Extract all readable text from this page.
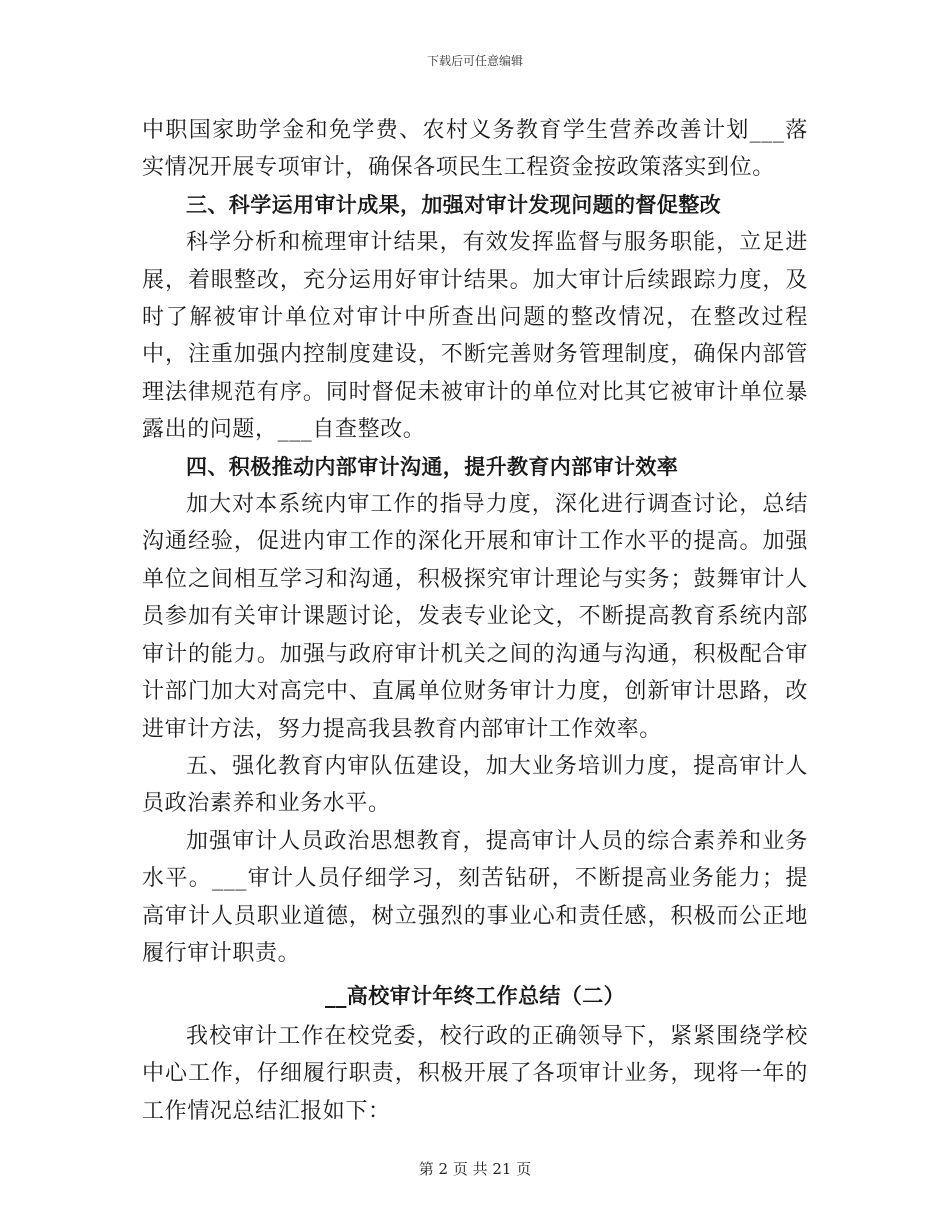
下载后可任意编辑

中职国家助学金和免学费、农村义务教育学生营养改善计划___落实情况开展专项审计，确保各项民生工程资金按政策落实到位。

三、科学运用审计成果，加强对审计发现问题的督促整改

科学分析和梳理审计结果，有效发挥监督与服务职能，立足进展，着眼整改，充分运用好审计结果。加大审计后续跟踪力度，及时了解被审计单位对审计中所查出问题的整改情况，在整改过程中，注重加强内控制度建设，不断完善财务管理制度，确保内部管理法律规范有序。同时督促未被审计的单位对比其它被审计单位暴露出的问题，___自查整改。

四、积极推动内部审计沟通，提升教育内部审计效率

加大对本系统内审工作的指导力度，深化进行调查讨论，总结沟通经验，促进内审工作的深化开展和审计工作水平的提高。加强单位之间相互学习和沟通，积极探究审计理论与实务；鼓舞审计人员参加有关审计课题讨论，发表专业论文，不断提高教育系统内部审计的能力。加强与政府审计机关之间的沟通与沟通，积极配合审计部门加大对高完中、直属单位财务审计力度，创新审计思路，改进审计方法，努力提高我县教育内部审计工作效率。

五、强化教育内审队伍建设，加大业务培训力度，提高审计人员政治素养和业务水平。

加强审计人员政治思想教育，提高审计人员的综合素养和业务水平。___审计人员仔细学习，刻苦钻研，不断提高业务能力；提高审计人员职业道德，树立强烈的事业心和责任感，积极而公正地履行审计职责。

__高校审计年终工作总结（二）

我校审计工作在校党委，校行政的正确领导下，紧紧围绕学校中心工作，仔细履行职责，积极开展了各项审计业务，现将一年的工作情况总结汇报如下：

第 2 页 共 21 页
